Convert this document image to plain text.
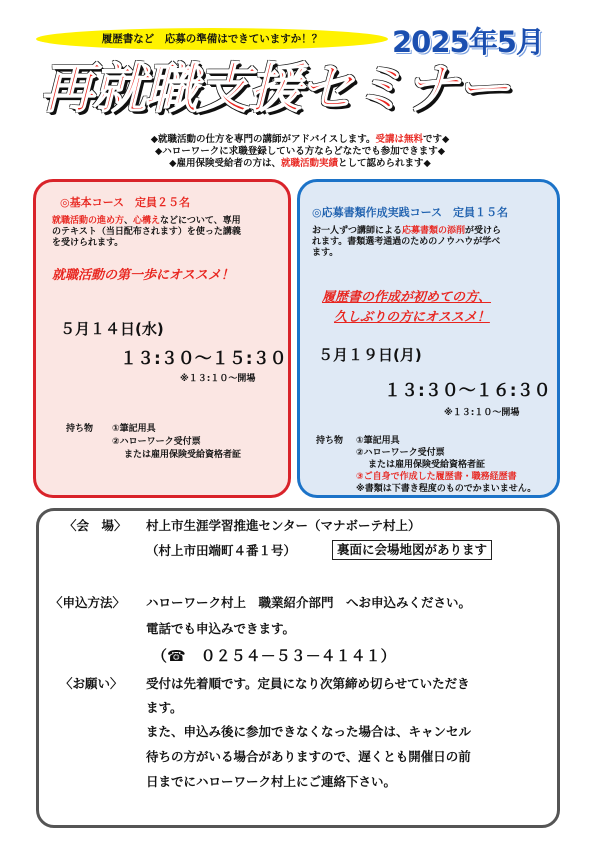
履歴書など　応募の準備はできていますか！？	2025年5月
再就職支援セミナー
◆就職活動の仕方を専門の講師がアドバイスします。受講は無料です◆
◆ハローワークに求職登録している方ならどなたでも参加できます◆
◆雇用保険受給者の方は、就職活動実績として認められます◆
◎基本コース　定員２５名
就職活動の進め方、心構えなどについて、専用
のテキスト（当日配布されます）を使った講義
を受けられます。
就職活動の第一歩にオススメ！
５月１４日(水)
１３:３０～１５:３０
※１３:１０～開場
持ち物 ①筆記用具
②ハローワーク受付票
または雇用保険受給資格者証
◎応募書類作成実践コース　定員１５名
お一人ずつ講師による応募書類の添削が受けら
れます。書類選考通過のためのノウハウが学べ
ます。
履歴書の作成が初めての方、
久しぶりの方にオススメ！
５月１９日(月)
１３:３０～１６:３０
※１３:１０～開場
持ち物 ①筆記用具
②ハローワーク受付票
または雇用保険受給資格者証
③ご自身で作成した履歴書・職務経歴書
※書類は下書き程度のものでかまいません。
〈会　場〉 村上市生涯学習推進センター（マナボーテ村上）
（村上市田端町４番１号）	裏面に会場地図があります
〈申込方法〉 ハローワーク村上　職業紹介部門　へお申込みください。
電話でも申込みできます。
（☎　０２５４－５３－４１４１）
〈お願い〉 受付は先着順です。定員になり次第締め切らせていただき
ます。
また、申込み後に参加できなくなった場合は、キャンセル
待ちの方がいる場合がありますので、遅くとも開催日の前
日までにハローワーク村上にご連絡下さい。
